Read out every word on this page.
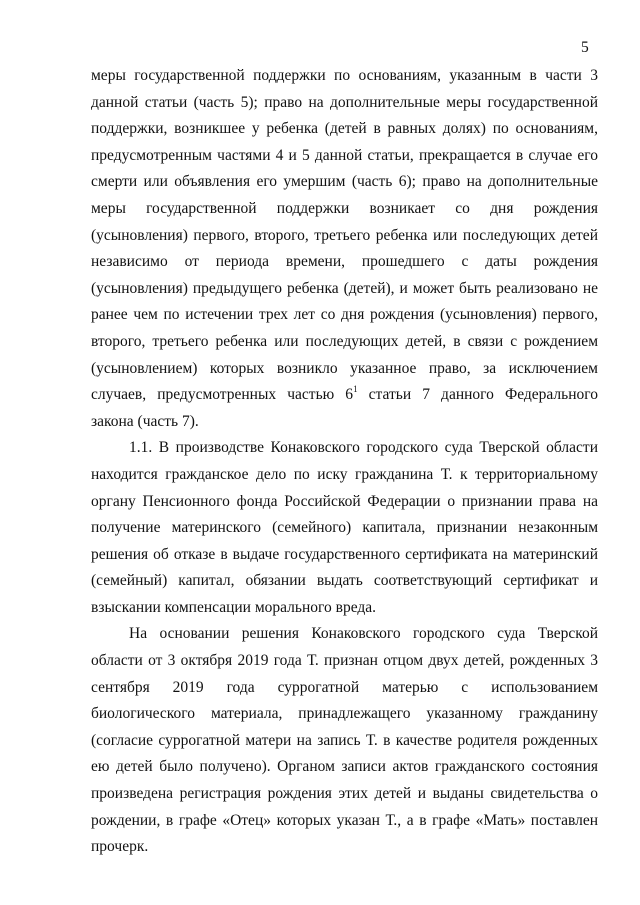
5
меры государственной поддержки по основаниям, указанным в части 3
данной статьи (часть 5); право на дополнительные меры государственной
поддержки, возникшее у ребенка (детей в равных долях) по основаниям,
предусмотренным частями 4 и 5 данной статьи, прекращается в случае его
смерти или объявления его умершим (часть 6); право на дополнительные
меры государственной поддержки возникает со дня рождения
(усыновления) первого, второго, третьего ребенка или последующих детей
независимо от периода времени, прошедшего с даты рождения
(усыновления) предыдущего ребенка (детей), и может быть реализовано не
ранее чем по истечении трех лет со дня рождения (усыновления) первого,
второго, третьего ребенка или последующих детей, в связи с рождением
(усыновлением) которых возникло указанное право, за исключением
случаев, предусмотренных частью $6^1$ статьи 7 данного Федерального
закона (часть 7).
1.1. В производстве Конаковского городского суда Тверской области
находится гражданское дело по иску гражданина Т. к территориальному
органу Пенсионного фонда Российской Федерации о признании права на
получение материнского (семейного) капитала, признании незаконным
решения об отказе в выдаче государственного сертификата на материнский
(семейный) капитал, обязании выдать соответствующий сертификат и
взыскании компенсации морального вреда.
На основании решения Конаковского городского суда Тверской
области от 3 октября 2019 года Т. признан отцом двух детей, рожденных 3
сентября 2019 года суррогатной матерью с использованием
биологического материала, принадлежащего указанному гражданину
(согласие суррогатной матери на запись Т. в качестве родителя рожденных
ею детей было получено). Органом записи актов гражданского состояния
произведена регистрация рождения этих детей и выданы свидетельства о
рождении, в графе «Отец» которых указан Т., а в графе «Мать» поставлен
прочерк.
